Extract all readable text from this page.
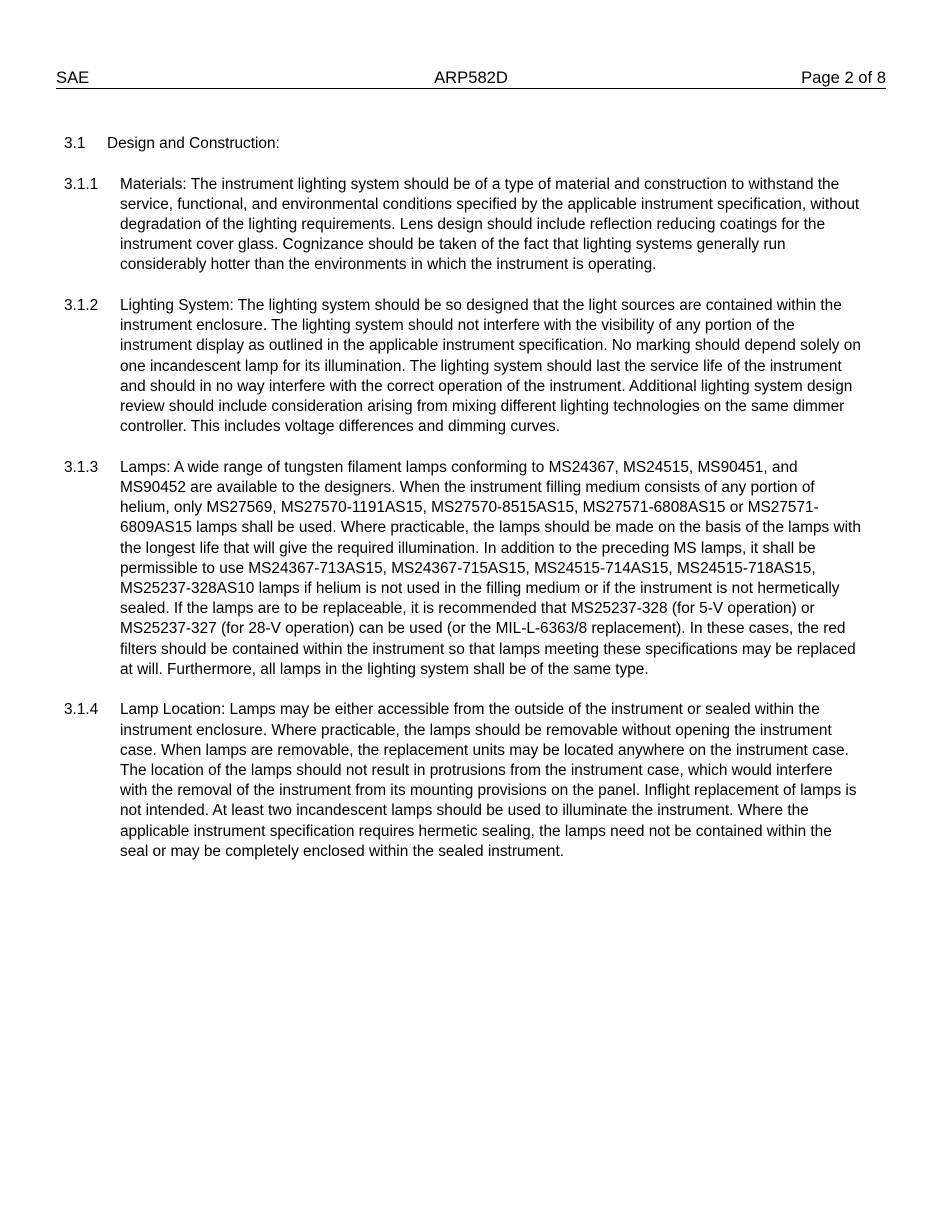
SAE	ARP582D	Page 2 of 8
3.1	Design and Construction:
3.1.1	Materials: The instrument lighting system should be of a type of material and construction to withstand the service, functional, and environmental conditions specified by the applicable instrument specification, without degradation of the lighting requirements. Lens design should include reflection reducing coatings for the instrument cover glass. Cognizance should be taken of the fact that lighting systems generally run considerably hotter than the environments in which the instrument is operating.
3.1.2	Lighting System: The lighting system should be so designed that the light sources are contained within the instrument enclosure. The lighting system should not interfere with the visibility of any portion of the instrument display as outlined in the applicable instrument specification. No marking should depend solely on one incandescent lamp for its illumination. The lighting system should last the service life of the instrument and should in no way interfere with the correct operation of the instrument. Additional lighting system design review should include consideration arising from mixing different lighting technologies on the same dimmer controller. This includes voltage differences and dimming curves.
3.1.3	Lamps: A wide range of tungsten filament lamps conforming to MS24367, MS24515, MS90451, and MS90452 are available to the designers. When the instrument filling medium consists of any portion of helium, only MS27569, MS27570-1191AS15, MS27570-8515AS15, MS27571-6808AS15 or MS27571-6809AS15 lamps shall be used. Where practicable, the lamps should be made on the basis of the lamps with the longest life that will give the required illumination. In addition to the preceding MS lamps, it shall be permissible to use MS24367-713AS15, MS24367-715AS15, MS24515-714AS15, MS24515-718AS15, MS25237-328AS10 lamps if helium is not used in the filling medium or if the instrument is not hermetically sealed. If the lamps are to be replaceable, it is recommended that MS25237-328 (for 5-V operation) or MS25237-327 (for 28-V operation) can be used (or the MIL-L-6363/8 replacement). In these cases, the red filters should be contained within the instrument so that lamps meeting these specifications may be replaced at will. Furthermore, all lamps in the lighting system shall be of the same type.
3.1.4	Lamp Location: Lamps may be either accessible from the outside of the instrument or sealed within the instrument enclosure. Where practicable, the lamps should be removable without opening the instrument case. When lamps are removable, the replacement units may be located anywhere on the instrument case. The location of the lamps should not result in protrusions from the instrument case, which would interfere with the removal of the instrument from its mounting provisions on the panel. Inflight replacement of lamps is not intended. At least two incandescent lamps should be used to illuminate the instrument. Where the applicable instrument specification requires hermetic sealing, the lamps need not be contained within the seal or may be completely enclosed within the sealed instrument.
